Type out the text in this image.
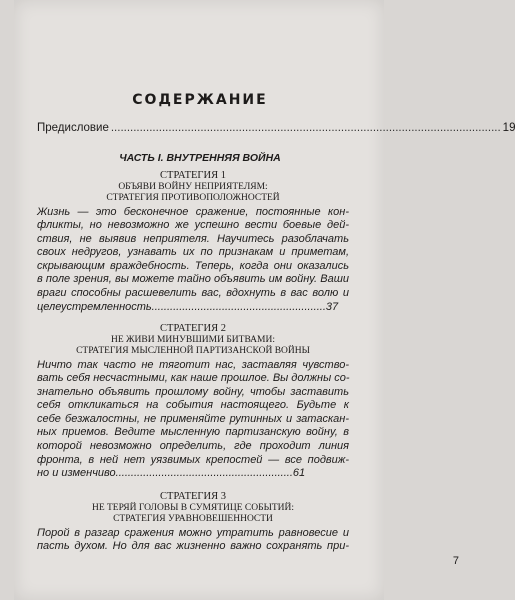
СОДЕРЖАНИЕ
Предисловие .......................................................................................................................... 19
ЧАСТЬ I. ВНУТРЕННЯЯ ВОЙНА
СТРАТЕГИЯ 1
ОБЪЯВИ ВОЙНУ НЕПРИЯТЕЛЯМ:
СТРАТЕГИЯ ПРОТИВОПОЛОЖНОСТЕЙ
Жизнь — это бесконечное сражение, постоянные кон-
фликты, но невозможно же успешно вести боевые дей-
ствия, не выявив неприятеля. Научитесь разоблачать
своих недругов, узнавать их по признакам и приметам,
скрывающим враждебность. Теперь, когда они оказались
в поле зрения, вы можете тайно объявить им войну. Ваши
враги способны расшевелить вас, вдохнуть в вас волю и
целеустремленность.........................................................37
СТРАТЕГИЯ 2
НЕ ЖИВИ МИНУВШИМИ БИТВАМИ:
СТРАТЕГИЯ МЫСЛЕННОЙ ПАРТИЗАНСКОЙ ВОЙНЫ
Ничто так часто не тяготит нас, заставляя чувство-
вать себя несчастными, как наше прошлое. Вы должны со-
знательно объявить прошлому войну, чтобы заставить
себя откликаться на события настоящего. Будьте к
себе безжалостны, не применяйте рутинных и затаскан-
ных приемов. Ведите мысленную партизанскую войну, в
которой невозможно определить, где проходит линия
фронта, в ней нет уязвимых крепостей — все подвиж-
но и изменчиво..........................................................61
СТРАТЕГИЯ 3
НЕ ТЕРЯЙ ГОЛОВЫ В СУМЯТИЦЕ СОБЫТИЙ:
СТРАТЕГИЯ УРАВНОВЕШЕННОСТИ
Порой в разгар сражения можно утратить равновесие и
пасть духом. Но для вас жизненно важно сохранять при-
7
